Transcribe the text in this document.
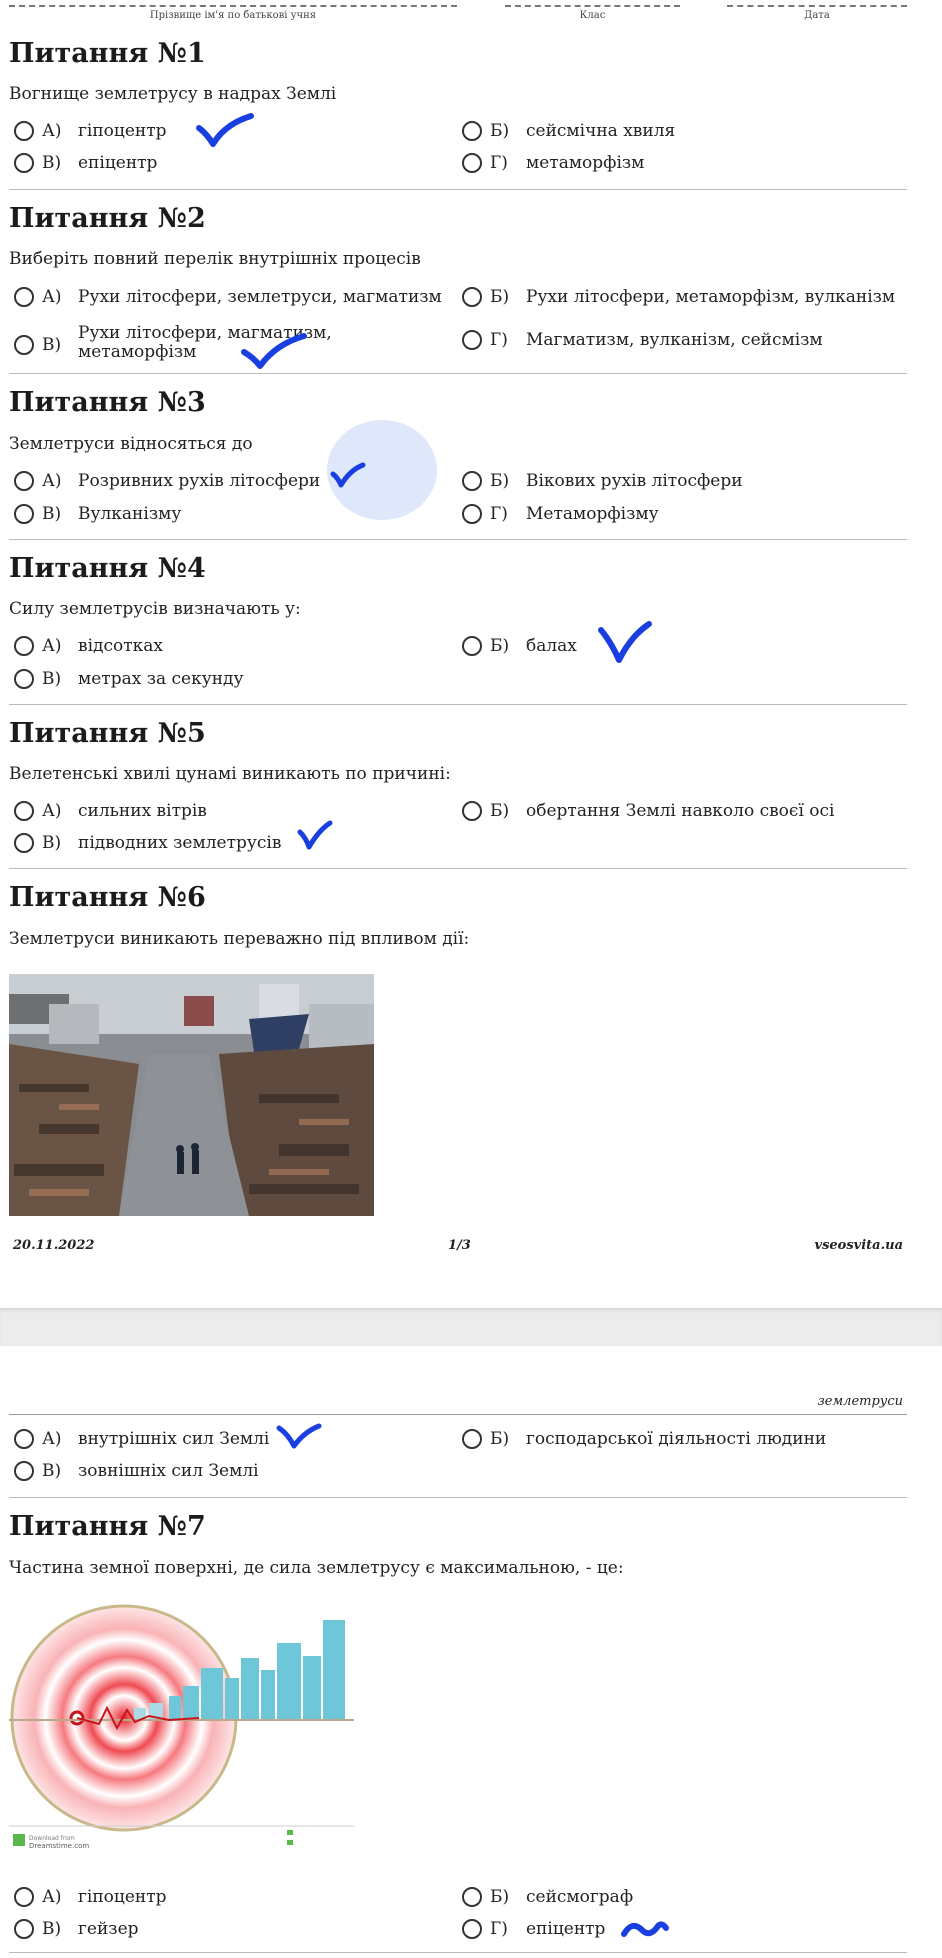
Прізвище ім'я по батькові учня	Клас	Дата
Питання №1
Вогнище землетрусу в надрах Землі
А) гіпоцентр	Б) сейсмічна хвиля
В) епіцентр	Г)	метаморфізм
Питання №2
Виберіть повний перелік внутрішніх процесів
А) Рухи літосфери, землетруси, магматизм	Б) Рухи літосфери, метаморфізм, вулканізм
В)
Рухи літосфери, магматизм,
метаморфізм
Г)	Магматизм, вулканізм, сейсмізм
Питання №3
Землетруси відносяться до
А) Розривних рухів літосфери	Б) Вікових рухів літосфери
В) Вулканізму	Г)	Метаморфізму
Питання №4
Силу землетрусів визначають у:
А) відсотках	Б) балах
В) метрах за секунду
Питання №5
Велетенські хвилі цунамі виникають по причині:
А) сильних вітрів	Б) обертання Землі навколо своєї осі
В) підводних землетрусів
Питання №6
Землетруси виникають переважно під впливом дії:
20.11.2022	1/3	vseosvita.ua
землетруси
А) внутрішніх сил Землі	Б) господарської діяльності людини
В) зовнішніх сил Землі
Питання №7
Частина земної поверхні, де сила землетрусу є максимальною, - це:
Download from
Dreamstime.com
А) гіпоцентр	Б) сейсмограф
В) гейзер	Г)	епіцентр
